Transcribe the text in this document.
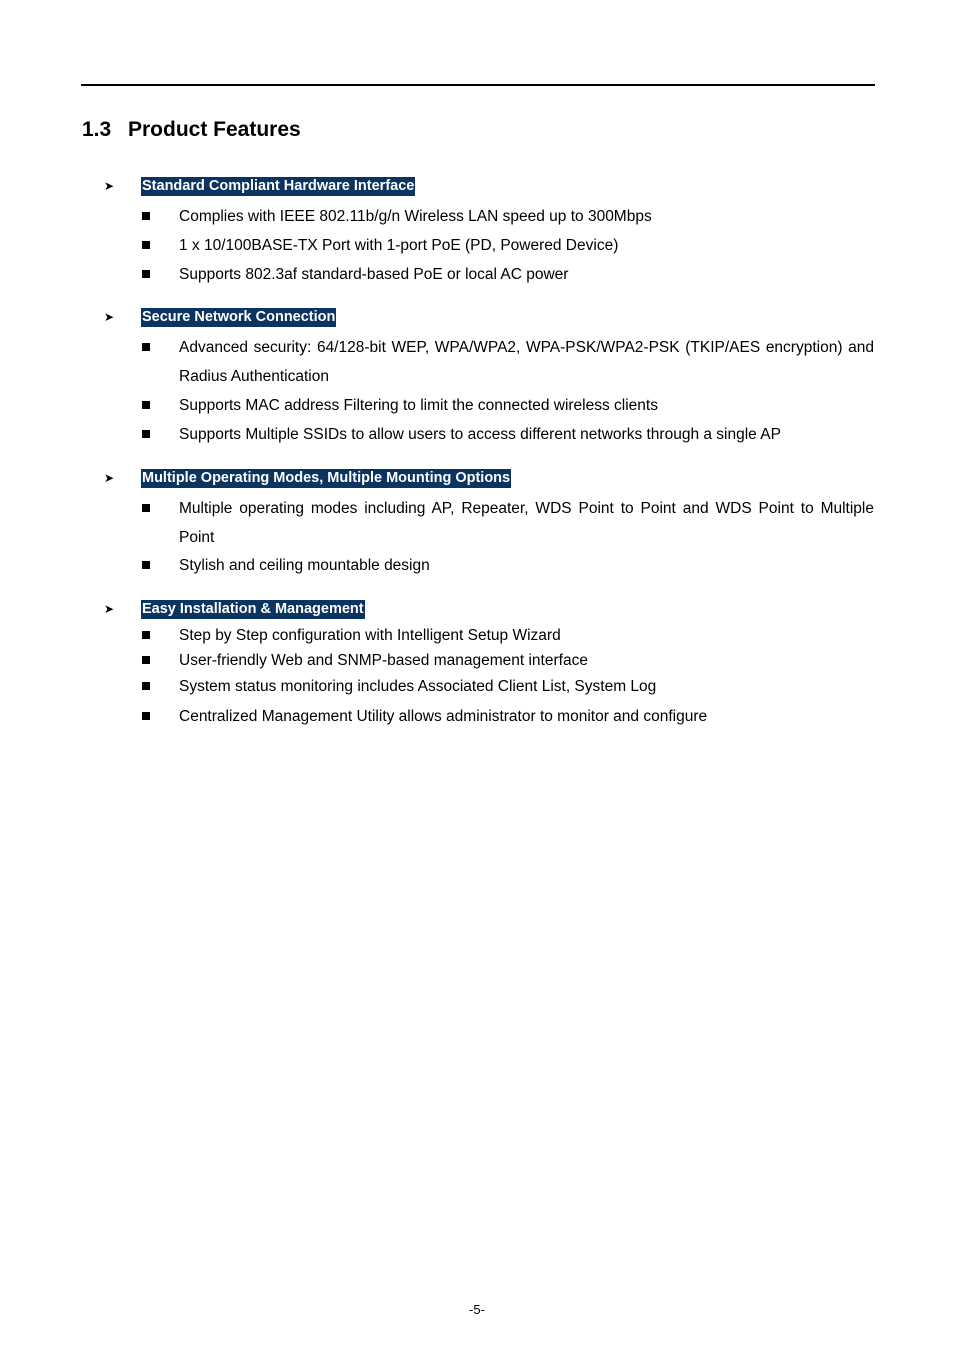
1.3 Product Features
➤ Standard Compliant Hardware Interface
Complies with IEEE 802.11b/g/n Wireless LAN speed up to 300Mbps
1 x 10/100BASE-TX Port with 1-port PoE (PD, Powered Device)
Supports 802.3af standard-based PoE or local AC power
➤ Secure Network Connection
Advanced security: 64/128-bit WEP, WPA/WPA2, WPA-PSK/WPA2-PSK (TKIP/AES encryption) and Radius Authentication
Supports MAC address Filtering to limit the connected wireless clients
Supports Multiple SSIDs to allow users to access different networks through a single AP
➤ Multiple Operating Modes, Multiple Mounting Options
Multiple operating modes including AP, Repeater, WDS Point to Point and WDS Point to Multiple Point
Stylish and ceiling mountable design
➤ Easy Installation & Management
Step by Step configuration with Intelligent Setup Wizard
User-friendly Web and SNMP-based management interface
System status monitoring includes Associated Client List, System Log
Centralized Management Utility allows administrator to monitor and configure
-5-
